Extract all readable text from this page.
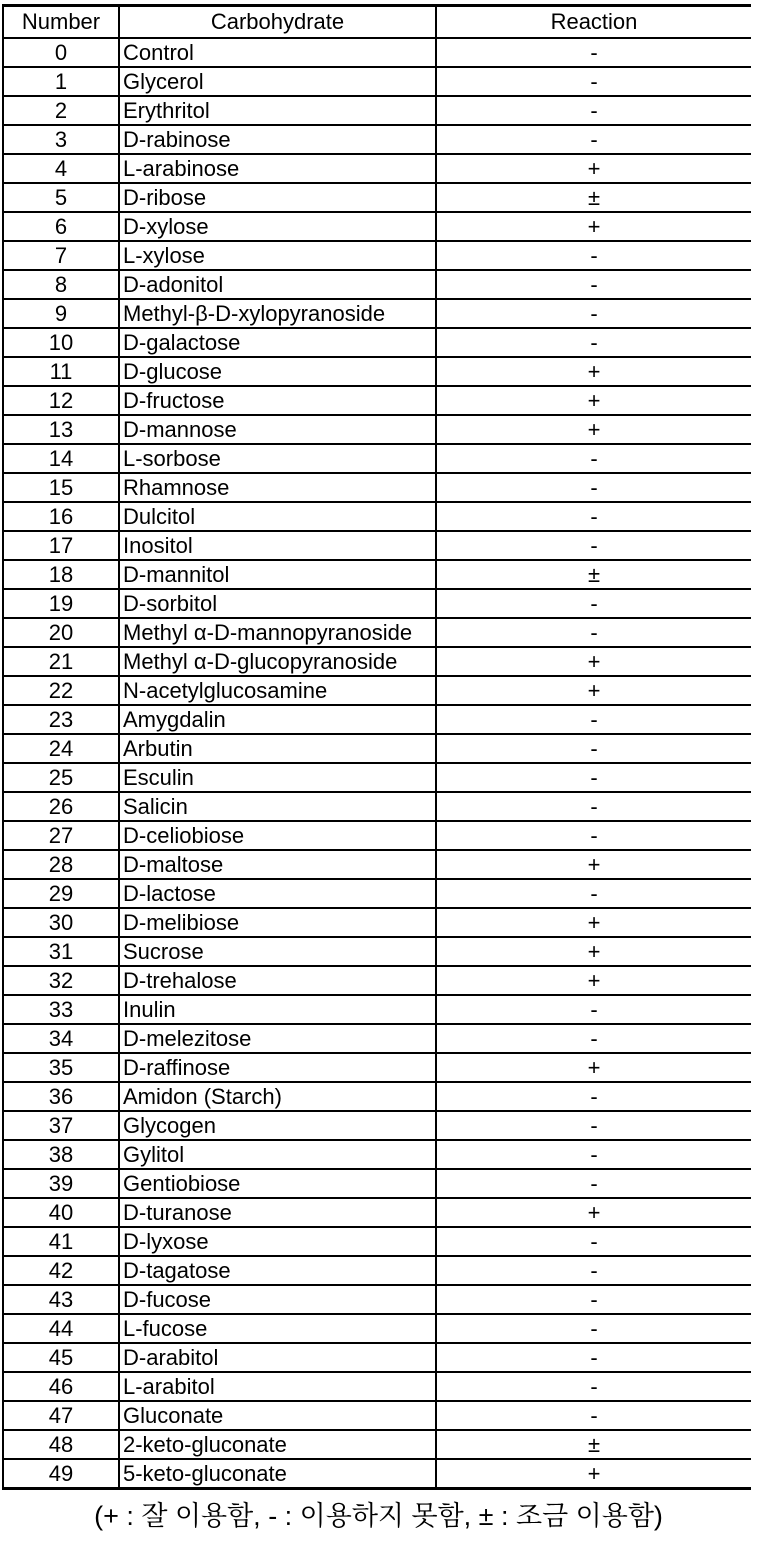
Number	Carbohydrate	Reaction
0	Control	-
1	Glycerol	-
2	Erythritol	-
3	D-rabinose	-
4	L-arabinose	+
5	D-ribose	±
6	D-xylose	+
7	L-xylose	-
8	D-adonitol	-
9	Methyl-β-D-xylopyranoside	-
10	D-galactose	-
11	D-glucose	+
12	D-fructose	+
13	D-mannose	+
14	L-sorbose	-
15	Rhamnose	-
16	Dulcitol	-
17	Inositol	-
18	D-mannitol	±
19	D-sorbitol	-
20	Methyl α-D-mannopyranoside	-
21	Methyl α-D-glucopyranoside	+
22	N-acetylglucosamine	+
23	Amygdalin	-
24	Arbutin	-
25	Esculin	-
26	Salicin	-
27	D-celiobiose	-
28	D-maltose	+
29	D-lactose	-
30	D-melibiose	+
31	Sucrose	+
32	D-trehalose	+
33	Inulin	-
34	D-melezitose	-
35	D-raffinose	+
36	Amidon (Starch)	-
37	Glycogen	-
38	Gylitol	-
39	Gentiobiose	-
40	D-turanose	+
41	D-lyxose	-
42	D-tagatose	-
43	D-fucose	-
44	L-fucose	-
45	D-arabitol	-
46	L-arabitol	-
47	Gluconate	-
48	2-keto-gluconate	±
49	5-keto-gluconate	+
(+ : 잘 이용함, - : 이용하지 못함, ± : 조금 이용함)
